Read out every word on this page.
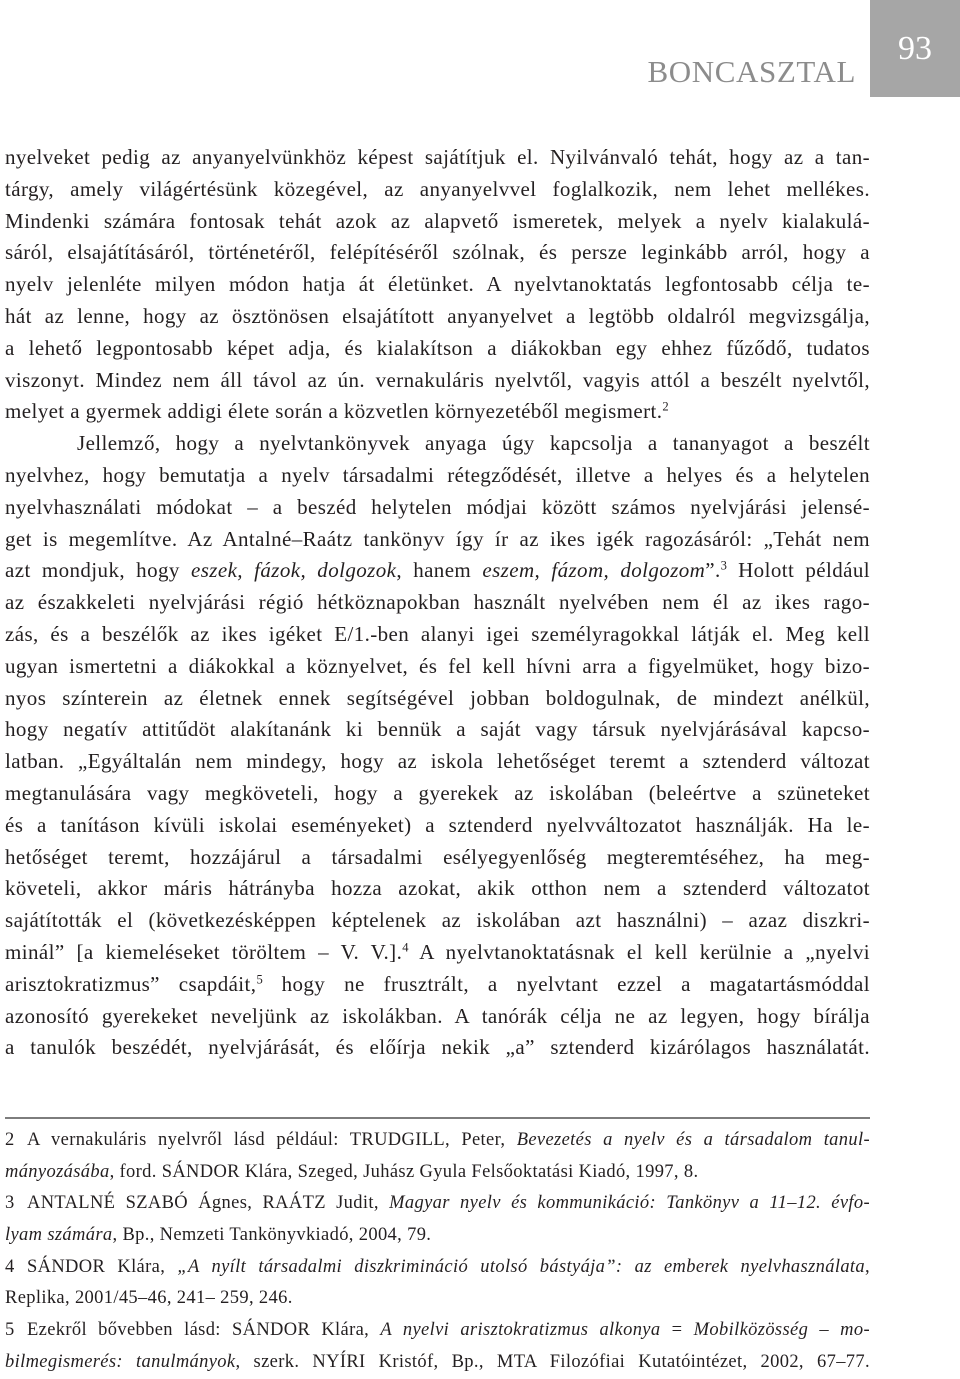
BONCASZTAL
93
nyelveket pedig az anyanyelvünkhöz képest sajátítjuk el. Nyilvánvaló tehát, hogy az a tan-
tárgy, amely világértésünk közegével, az anyanyelvvel foglalkozik, nem lehet mellékes.
Mindenki számára fontosak tehát azok az alapvető ismeretek, melyek a nyelv kialakulá-
sáról, elsajátításáról, történetéről, felépítéséről szólnak, és persze leginkább arról, hogy a
nyelv jelenléte milyen módon hatja át életünket. A nyelvtanoktatás legfontosabb célja te-
hát az lenne, hogy az ösztönösen elsajátított anyanyelvet a legtöbb oldalról megvizsgálja,
a lehető legpontosabb képet adja, és kialakítson a diákokban egy ehhez fűződő, tudatos
viszonyt. Mindez nem áll távol az ún. vernakuláris nyelvtől, vagyis attól a beszélt nyelvtől,
melyet a gyermek addigi élete során a közvetlen környezetéből megismert.$^2$
Jellemző, hogy a nyelvtankönyvek anyaga úgy kapcsolja a tananyagot a beszélt
nyelvhez, hogy bemutatja a nyelv társadalmi rétegződését, illetve a helyes és a helytelen
nyelvhasználati módokat – a beszéd helytelen módjai között számos nyelvjárási jelensé-
get is megemlítve. Az Antalné–Raátz tankönyv így ír az ikes igék ragozásáról: „Tehát nem
azt mondjuk, hogy eszek, fázok, dolgozok, hanem eszem, fázom, dolgozom”.$^3$ Holott például
az északkeleti nyelvjárási régió hétköznapokban használt nyelvében nem él az ikes rago-
zás, és a beszélők az ikes igéket E/1.-ben alanyi igei személyragokkal látják el. Meg kell
ugyan ismertetni a diákokkal a köznyelvet, és fel kell hívni arra a figyelmüket, hogy bizo-
nyos színterein az életnek ennek segítségével jobban boldogulnak, de mindezt anélkül,
hogy negatív attitűdöt alakítanánk ki bennük a saját vagy társuk nyelvjárásával kapcso-
latban. „Egyáltalán nem mindegy, hogy az iskola lehetőséget teremt a sztenderd változat
megtanulására vagy megköveteli, hogy a gyerekek az iskolában (beleértve a szüneteket
és a tanításon kívüli iskolai eseményeket) a sztenderd nyelvváltozatot használják. Ha le-
hetőséget teremt, hozzájárul a társadalmi esélyegyenlőség megteremtéséhez, ha meg-
követeli, akkor máris hátrányba hozza azokat, akik otthon nem a sztenderd változatot
sajátították el (következésképpen képtelenek az iskolában azt használni) – azaz diszkri-
minál” [a kiemeléseket töröltem – V. V.].$^4$ A nyelvtanoktatásnak el kell kerülnie a „nyelvi
arisztokratizmus” csapdáit,$^5$ hogy ne frusztrált, a nyelvtant ezzel a magatartásmóddal
azonosító gyerekeket neveljünk az iskolákban. A tanórák célja ne az legyen, hogy bírálja
a tanulók beszédét, nyelvjárását, és előírja nekik „a” sztenderd kizárólagos használatát.
2 A vernakuláris nyelvről lásd például: TRUDGILL, Peter, Bevezetés a nyelv és a társadalom tanul-
mányozásába, ford. SÁNDOR Klára, Szeged, Juhász Gyula Felsőoktatási Kiadó, 1997, 8.
3 ANTALNÉ SZABÓ Ágnes, RAÁTZ Judit, Magyar nyelv és kommunikáció: Tankönyv a 11–12. évfo-
lyam számára, Bp., Nemzeti Tankönyvkiadó, 2004, 79.
4 SÁNDOR Klára, „A nyílt társadalmi diszkrimináció utolsó bástyája”: az emberek nyelvhasználata,
Replika, 2001/45–46, 241– 259, 246.
5 Ezekről bővebben lásd: SÁNDOR Klára, A nyelvi arisztokratizmus alkonya = Mobilközösség – mo-
bilmegismerés: tanulmányok, szerk. NYÍRI Kristóf, Bp., MTA Filozófiai Kutatóintézet, 2002, 67–77.
